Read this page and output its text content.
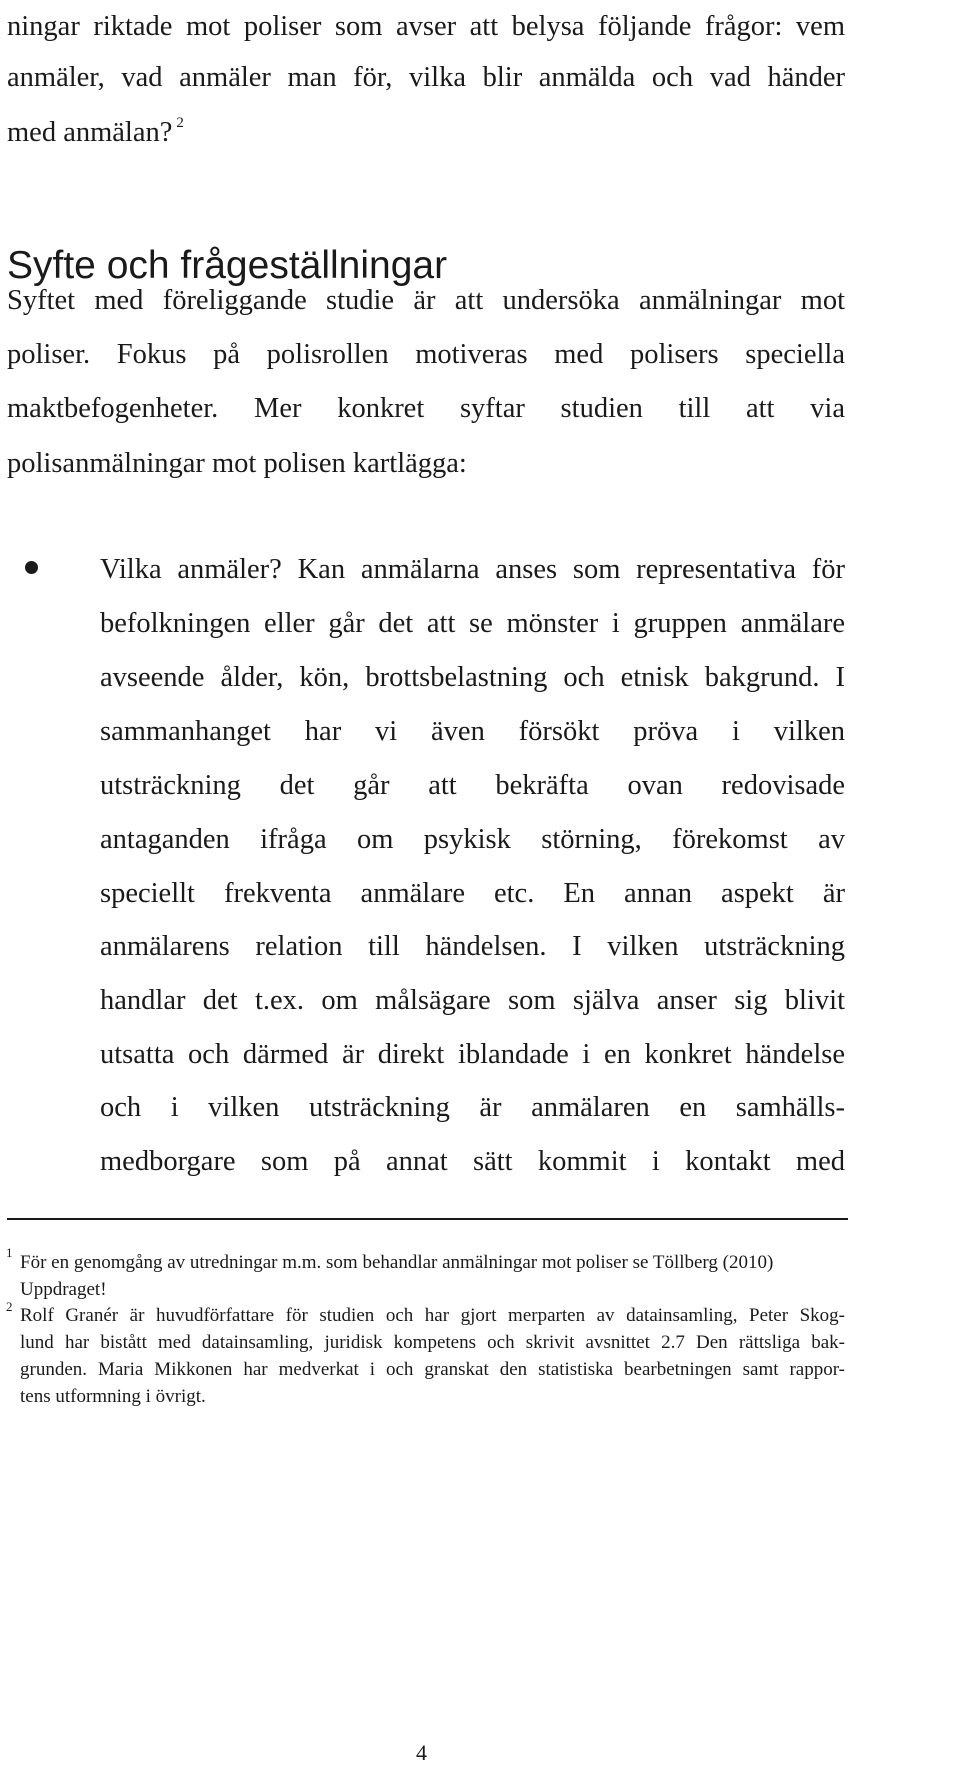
ningar riktade mot poliser som avser att belysa följande frågor: vem
anmäler, vad anmäler man för, vilka blir anmälda och vad händer
med anmälan? $^2$
Syfte och frågeställningar
Syftet med föreliggande studie är att undersöka anmälningar mot
poliser. Fokus på polisrollen motiveras med polisers speciella
maktbefogenheter. Mer konkret syftar studien till att via
polisanmälningar mot polisen kartlägga:
Vilka anmäler? Kan anmälarna anses som representativa för
befolkningen eller går det att se mönster i gruppen anmälare
avseende ålder, kön, brottsbelastning och etnisk bakgrund. I
sammanhanget har vi även försökt pröva i vilken
utsträckning det går att bekräfta ovan redovisade
antaganden ifråga om psykisk störning, förekomst av
speciellt frekventa anmälare etc. En annan aspekt är
anmälarens relation till händelsen. I vilken utsträckning
handlar det t.ex. om målsägare som själva anser sig blivit
utsatta och därmed är direkt iblandade i en konkret händelse
och i vilken utsträckning är anmälaren en samhälls-
medborgare som på annat sätt kommit i kontakt med
1 För en genomgång av utredningar m.m. som behandlar anmälningar mot poliser se Töllberg (2010)
Uppdraget!
2 Rolf Granér är huvudförfattare för studien och har gjort merparten av datainsamling, Peter Skog-
lund har bistått med datainsamling, juridisk kompetens och skrivit avsnittet 2.7 Den rättsliga bak-
grunden. Maria Mikkonen har medverkat i och granskat den statistiska bearbetningen samt rappor-
tens utformning i övrigt.
4
